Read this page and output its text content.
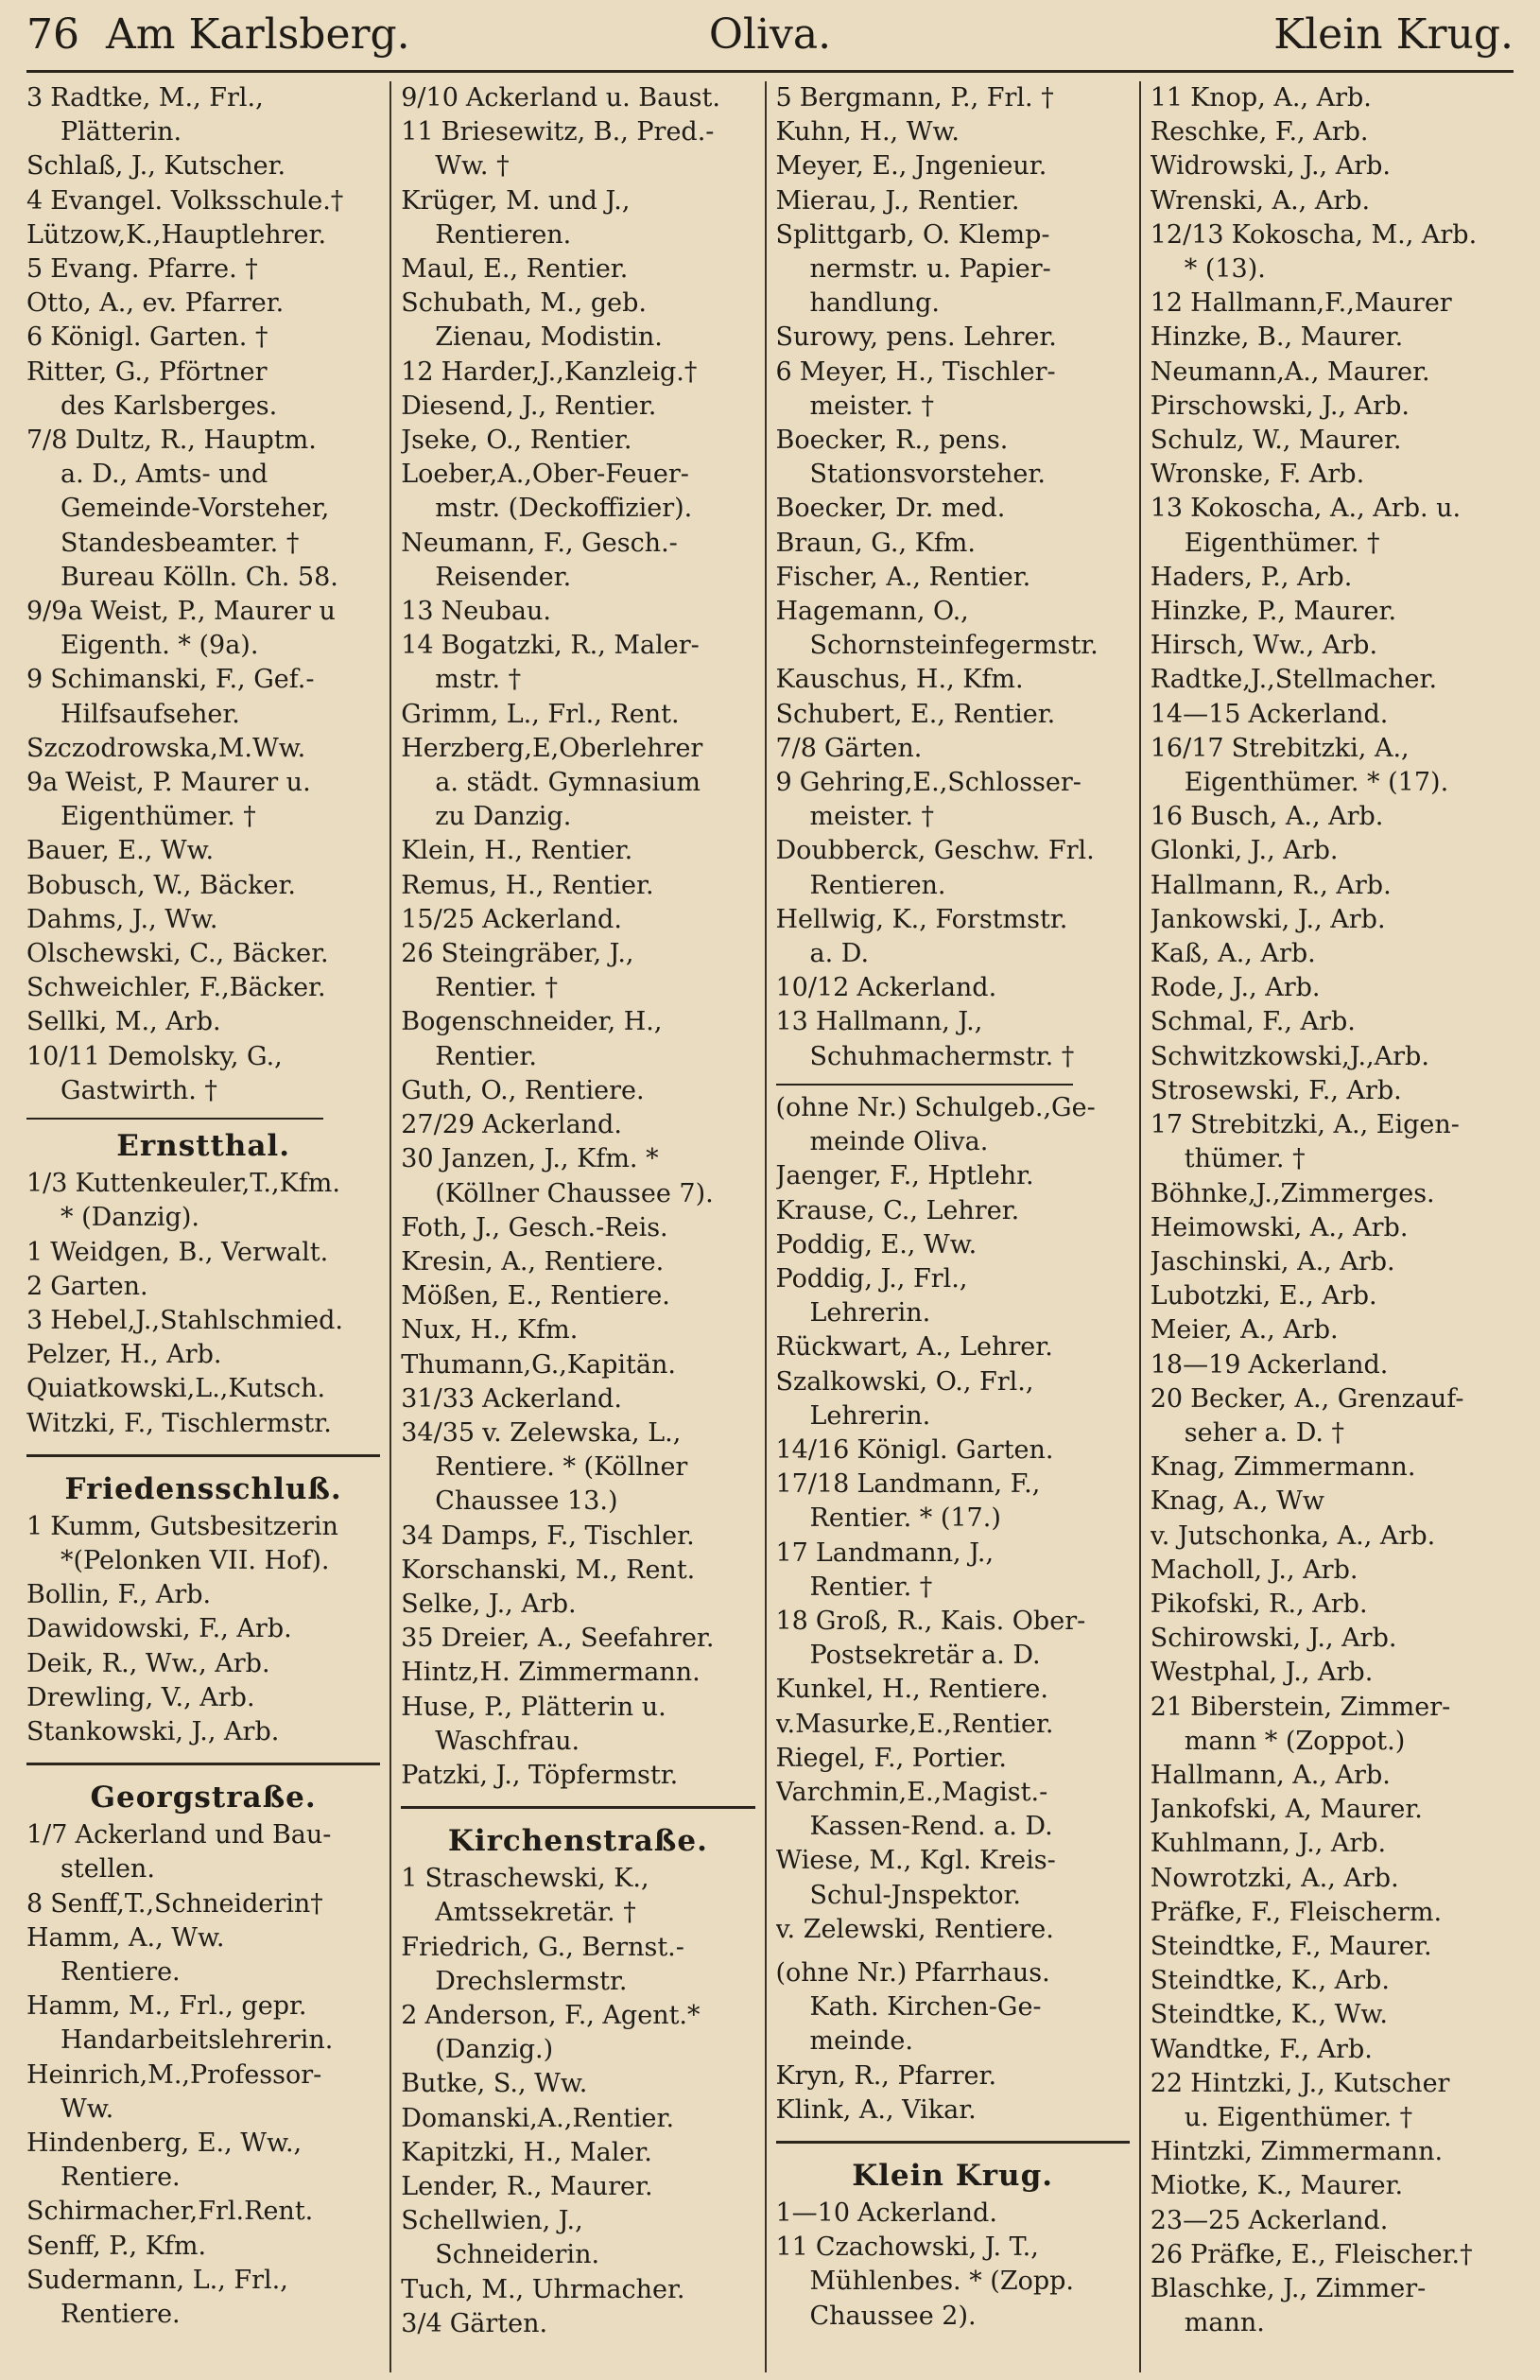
76 Am Karlsberg.	Oliva.	Klein Krug.
3 Radtke, M., Frl.,
Plätterin.
Schlaß, J., Kutscher.
4 Evangel. Volksschule.†
Lützow,K.,Hauptlehrer.
5 Evang. Pfarre. †
Otto, A., ev. Pfarrer.
6 Königl. Garten. †
Ritter, G., Pförtner
des Karlsberges.
7/8 Dultz, R., Hauptm.
a. D., Amts- und
Gemeinde-Vorsteher,
Standesbeamter. †
Bureau Kölln. Ch. 58.
9/9a Weist, P., Maurer u
Eigenth. * (9a).
9 Schimanski, F., Gef.-
Hilfsaufseher.
Szczodrowska,M.Ww.
9a Weist, P. Maurer u.
Eigenthümer. †
Bauer, E., Ww.
Bobusch, W., Bäcker.
Dahms, J., Ww.
Olschewski, C., Bäcker.
Schweichler, F.,Bäcker.
Sellki, M., Arb.
10/11 Demolsky, G.,
Gastwirth. †
Ernstthal.
1/3 Kuttenkeuler,T.,Kfm.
* (Danzig).
1 Weidgen, B., Verwalt.
2 Garten.
3 Hebel,J.,Stahlschmied.
Pelzer, H., Arb.
Quiatkowski,L.,Kutsch.
Witzki, F., Tischlermstr.
Friedensschluß.
1 Kumm, Gutsbesitzerin
*(Pelonken VII. Hof).
Bollin, F., Arb.
Dawidowski, F., Arb.
Deik, R., Ww., Arb.
Drewling, V., Arb.
Stankowski, J., Arb.
Georgstraße.
1/7 Ackerland und Bau-
stellen.
8 Senff,T.,Schneiderin†
Hamm, A., Ww.
Rentiere.
Hamm, M., Frl., gepr.
Handarbeitslehrerin.
Heinrich,M.,Professor-
Ww.
Hindenberg, E., Ww.,
Rentiere.
Schirmacher,Frl.Rent.
Senff, P., Kfm.
Sudermann, L., Frl.,
Rentiere.
9/10 Ackerland u. Baust.
11 Briesewitz, B., Pred.-
Ww. †
Krüger, M. und J.,
Rentieren.
Maul, E., Rentier.
Schubath, M., geb.
Zienau, Modistin.
12 Harder,J.,Kanzleig.†
Diesend, J., Rentier.
Jseke, O., Rentier.
Loeber,A.,Ober-Feuer-
mstr. (Deckoffizier).
Neumann, F., Gesch.-
Reisender.
13 Neubau.
14 Bogatzki, R., Maler-
mstr. †
Grimm, L., Frl., Rent.
Herzberg,E,Oberlehrer
a. städt. Gymnasium
zu Danzig.
Klein, H., Rentier.
Remus, H., Rentier.
15/25 Ackerland.
26 Steingräber, J.,
Rentier. †
Bogenschneider, H.,
Rentier.
Guth, O., Rentiere.
27/29 Ackerland.
30 Janzen, J., Kfm. *
(Köllner Chaussee 7).
Foth, J., Gesch.-Reis.
Kresin, A., Rentiere.
Mößen, E., Rentiere.
Nux, H., Kfm.
Thumann,G.,Kapitän.
31/33 Ackerland.
34/35 v. Zelewska, L.,
Rentiere. * (Köllner
Chaussee 13.)
34 Damps, F., Tischler.
Korschanski, M., Rent.
Selke, J., Arb.
35 Dreier, A., Seefahrer.
Hintz,H. Zimmermann.
Huse, P., Plätterin u.
Waschfrau.
Patzki, J., Töpfermstr.
Kirchenstraße.
1 Straschewski, K.,
Amtssekretär. †
Friedrich, G., Bernst.-
Drechslermstr.
2 Anderson, F., Agent.*
(Danzig.)
Butke, S., Ww.
Domanski,A.,Rentier.
Kapitzki, H., Maler.
Lender, R., Maurer.
Schellwien, J.,
Schneiderin.
Tuch, M., Uhrmacher.
3/4 Gärten.
5 Bergmann, P., Frl. †
Kuhn, H., Ww.
Meyer, E., Jngenieur.
Mierau, J., Rentier.
Splittgarb, O. Klemp-
nermstr. u. Papier-
handlung.
Surowy, pens. Lehrer.
6 Meyer, H., Tischler-
meister. †
Boecker, R., pens.
Stationsvorsteher.
Boecker, Dr. med.
Braun, G., Kfm.
Fischer, A., Rentier.
Hagemann, O.,
Schornsteinfegermstr.
Kauschus, H., Kfm.
Schubert, E., Rentier.
7/8 Gärten.
9 Gehring,E.,Schlosser-
meister. †
Doubberck, Geschw. Frl.
Rentieren.
Hellwig, K., Forstmstr.
a. D.
10/12 Ackerland.
13 Hallmann, J.,
Schuhmachermstr. †
(ohne Nr.) Schulgeb.,Ge-
meinde Oliva.
Jaenger, F., Hptlehr.
Krause, C., Lehrer.
Poddig, E., Ww.
Poddig, J., Frl.,
Lehrerin.
Rückwart, A., Lehrer.
Szalkowski, O., Frl.,
Lehrerin.
14/16 Königl. Garten.
17/18 Landmann, F.,
Rentier. * (17.)
17 Landmann, J.,
Rentier. †
18 Groß, R., Kais. Ober-
Postsekretär a. D.
Kunkel, H., Rentiere.
v.Masurke,E.,Rentier.
Riegel, F., Portier.
Varchmin,E.,Magist.-
Kassen-Rend. a. D.
Wiese, M., Kgl. Kreis-
Schul-Jnspektor.
v. Zelewski, Rentiere.
(ohne Nr.) Pfarrhaus.
Kath. Kirchen-Ge-
meinde.
Kryn, R., Pfarrer.
Klink, A., Vikar.
Klein Krug.
1—10 Ackerland.
11 Czachowski, J. T.,
Mühlenbes. * (Zopp.
Chaussee 2).
11 Knop, A., Arb.
Reschke, F., Arb.
Widrowski, J., Arb.
Wrenski, A., Arb.
12/13 Kokoscha, M., Arb.
* (13).
12 Hallmann,F.,Maurer
Hinzke, B., Maurer.
Neumann,A., Maurer.
Pirschowski, J., Arb.
Schulz, W., Maurer.
Wronske, F. Arb.
13 Kokoscha, A., Arb. u.
Eigenthümer. †
Haders, P., Arb.
Hinzke, P., Maurer.
Hirsch, Ww., Arb.
Radtke,J.,Stellmacher.
14—15 Ackerland.
16/17 Strebitzki, A.,
Eigenthümer. * (17).
16 Busch, A., Arb.
Glonki, J., Arb.
Hallmann, R., Arb.
Jankowski, J., Arb.
Kaß, A., Arb.
Rode, J., Arb.
Schmal, F., Arb.
Schwitzkowski,J.,Arb.
Strosewski, F., Arb.
17 Strebitzki, A., Eigen-
thümer. †
Böhnke,J.,Zimmerges.
Heimowski, A., Arb.
Jaschinski, A., Arb.
Lubotzki, E., Arb.
Meier, A., Arb.
18—19 Ackerland.
20 Becker, A., Grenzauf-
seher a. D. †
Knag, Zimmermann.
Knag, A., Ww
v. Jutschonka, A., Arb.
Macholl, J., Arb.
Pikofski, R., Arb.
Schirowski, J., Arb.
Westphal, J., Arb.
21 Biberstein, Zimmer-
mann * (Zoppot.)
Hallmann, A., Arb.
Jankofski, A, Maurer.
Kuhlmann, J., Arb.
Nowrotzki, A., Arb.
Präfke, F., Fleischerm.
Steindtke, F., Maurer.
Steindtke, K., Arb.
Steindtke, K., Ww.
Wandtke, F., Arb.
22 Hintzki, J., Kutscher
u. Eigenthümer. †
Hintzki, Zimmermann.
Miotke, K., Maurer.
23—25 Ackerland.
26 Präfke, E., Fleischer.†
Blaschke, J., Zimmer-
mann.
